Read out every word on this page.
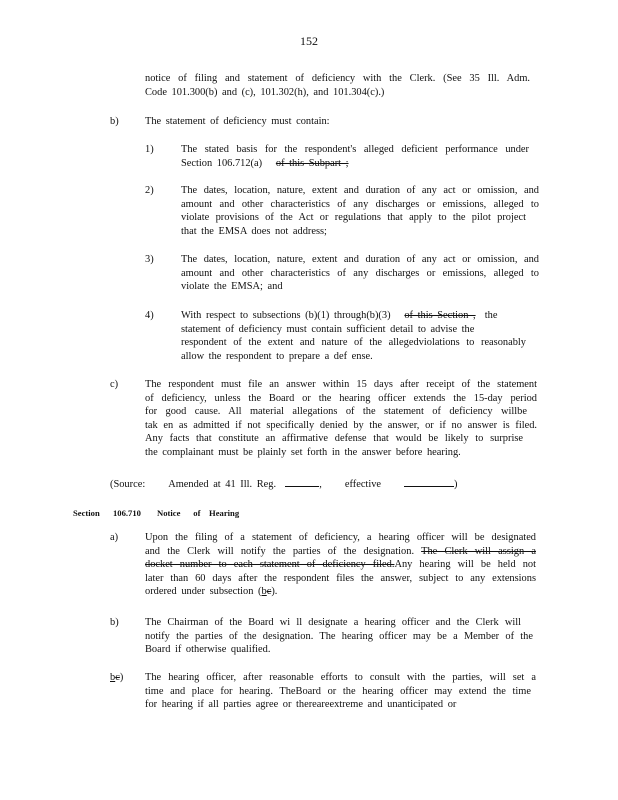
152
notice of filing and statement of deficiency with the Clerk. (See 35 Ill. Adm.
Code 101.300(b) and (c), 101.302(h), and 101.304(c).)
b)	The statement of deficiency must contain:
1)	The stated basis for the respondent's alleged deficient performance under
Section 106.712(a) of this Subpart ;
2)	The dates, location, nature, extent and duration of any act or omission, and
amount and other characteristics of any discharges or emissions, alleged to
violate provisions of the Act or regulations that apply to the pilot project
that the EMSA does not address;
3)	The dates, location, nature, extent and duration of any act or omission, and
amount and other characteristics of any discharges or emissions, alleged to
violate the EMSA; and
4)	With respect to subsections (b)(1) through(b)(3) of this Section , the
statement of deficiency must contain sufficient detail to advise the
respondent of the extent and nature of the allegedviolations to reasonably
allow the respondent to prepare a def ense.
c)	The respondent must file an answer within 15 days after receipt of the statement
of deficiency, unless the Board or the hearing officer extends the 15-day period
for good cause. All material allegations of the statement of deficiency willbe
tak en as admitted if not specifically denied by the answer, or if no answer is filed.
Any facts that constitute an affirmative defense that would be likely to surprise
the complainant must be plainly set forth in the answer before hearing.
(Source: Amended at 41 Ill. Reg.	, effective	)
Section 106.710 Notice of Hearing
a)	Upon the filing of a statement of deficiency, a hearing officer will be designated
and the Clerk will notify the parties of the designation. The Clerk will assign a
docket number to each statement of deficiency filed.Any hearing will be held not
later than 60 days after the respondent files the answer, subject to any extensions
ordered under subsection (bc).
b)	The Chairman of the Board wi ll designate a hearing officer and the Clerk will
notify the parties of the designation. The hearing officer may be a Member of the
Board if otherwise qualified.
bc) The hearing officer, after reasonable efforts to consult with the parties, will set a
time and place for hearing. TheBoard or the hearing officer may extend the time
for hearing if all parties agree or thereareextreme and unanticipated or
